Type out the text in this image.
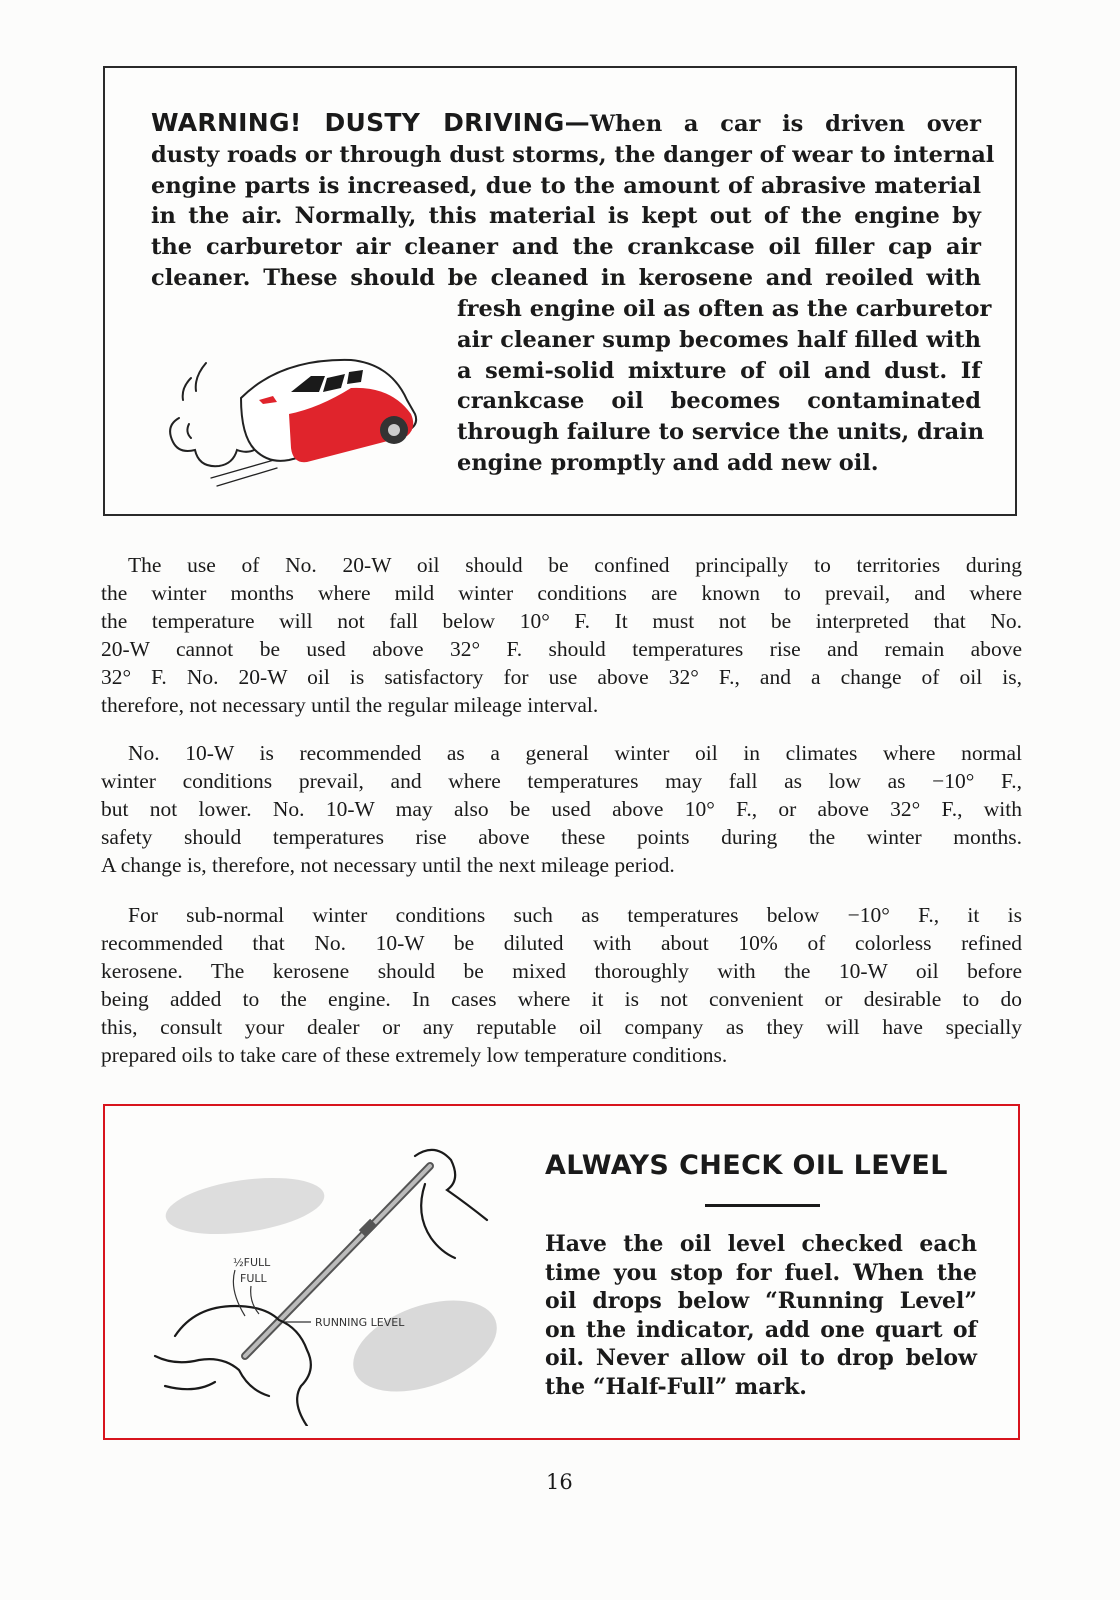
WARNING! DUSTY DRIVING—When a car is driven over
dusty roads or through dust storms, the danger of wear to internal
engine parts is increased, due to the amount of abrasive material
in the air. Normally, this material is kept out of the engine by
the carburetor air cleaner and the crankcase oil filler cap air
cleaner. These should be cleaned in kerosene and reoiled with
fresh engine oil as often as the carburetor
air cleaner sump becomes half filled with
a semi-solid mixture of oil and dust. If
crankcase oil becomes contaminated
through failure to service the units, drain
engine promptly and add new oil.
The use of No. 20-W oil should be confined principally to territories during
the winter months where mild winter conditions are known to prevail, and where
the temperature will not fall below 10° F. It must not be interpreted that No.
20-W cannot be used above 32° F. should temperatures rise and remain above
32° F. No. 20-W oil is satisfactory for use above 32° F., and a change of oil is,
therefore, not necessary until the regular mileage interval.
No. 10-W is recommended as a general winter oil in climates where normal
winter conditions prevail, and where temperatures may fall as low as −10° F.,
but not lower. No. 10-W may also be used above 10° F., or above 32° F., with
safety should temperatures rise above these points during the winter months.
A change is, therefore, not necessary until the next mileage period.
For sub-normal winter conditions such as temperatures below −10° F., it is
recommended that No. 10-W be diluted with about 10% of colorless refined
kerosene. The kerosene should be mixed thoroughly with the 10-W oil before
being added to the engine. In cases where it is not convenient or desirable to do
this, consult your dealer or any reputable oil company as they will have specially
prepared oils to take care of these extremely low temperature conditions.
½FULL
FULL
RUNNING LEVEL
ALWAYS CHECK OIL LEVEL
Have the oil level checked each
time you stop for fuel. When the
oil drops below “Running Level”
on the indicator, add one quart of
oil. Never allow oil to drop below
the “Half-Full” mark.
16
